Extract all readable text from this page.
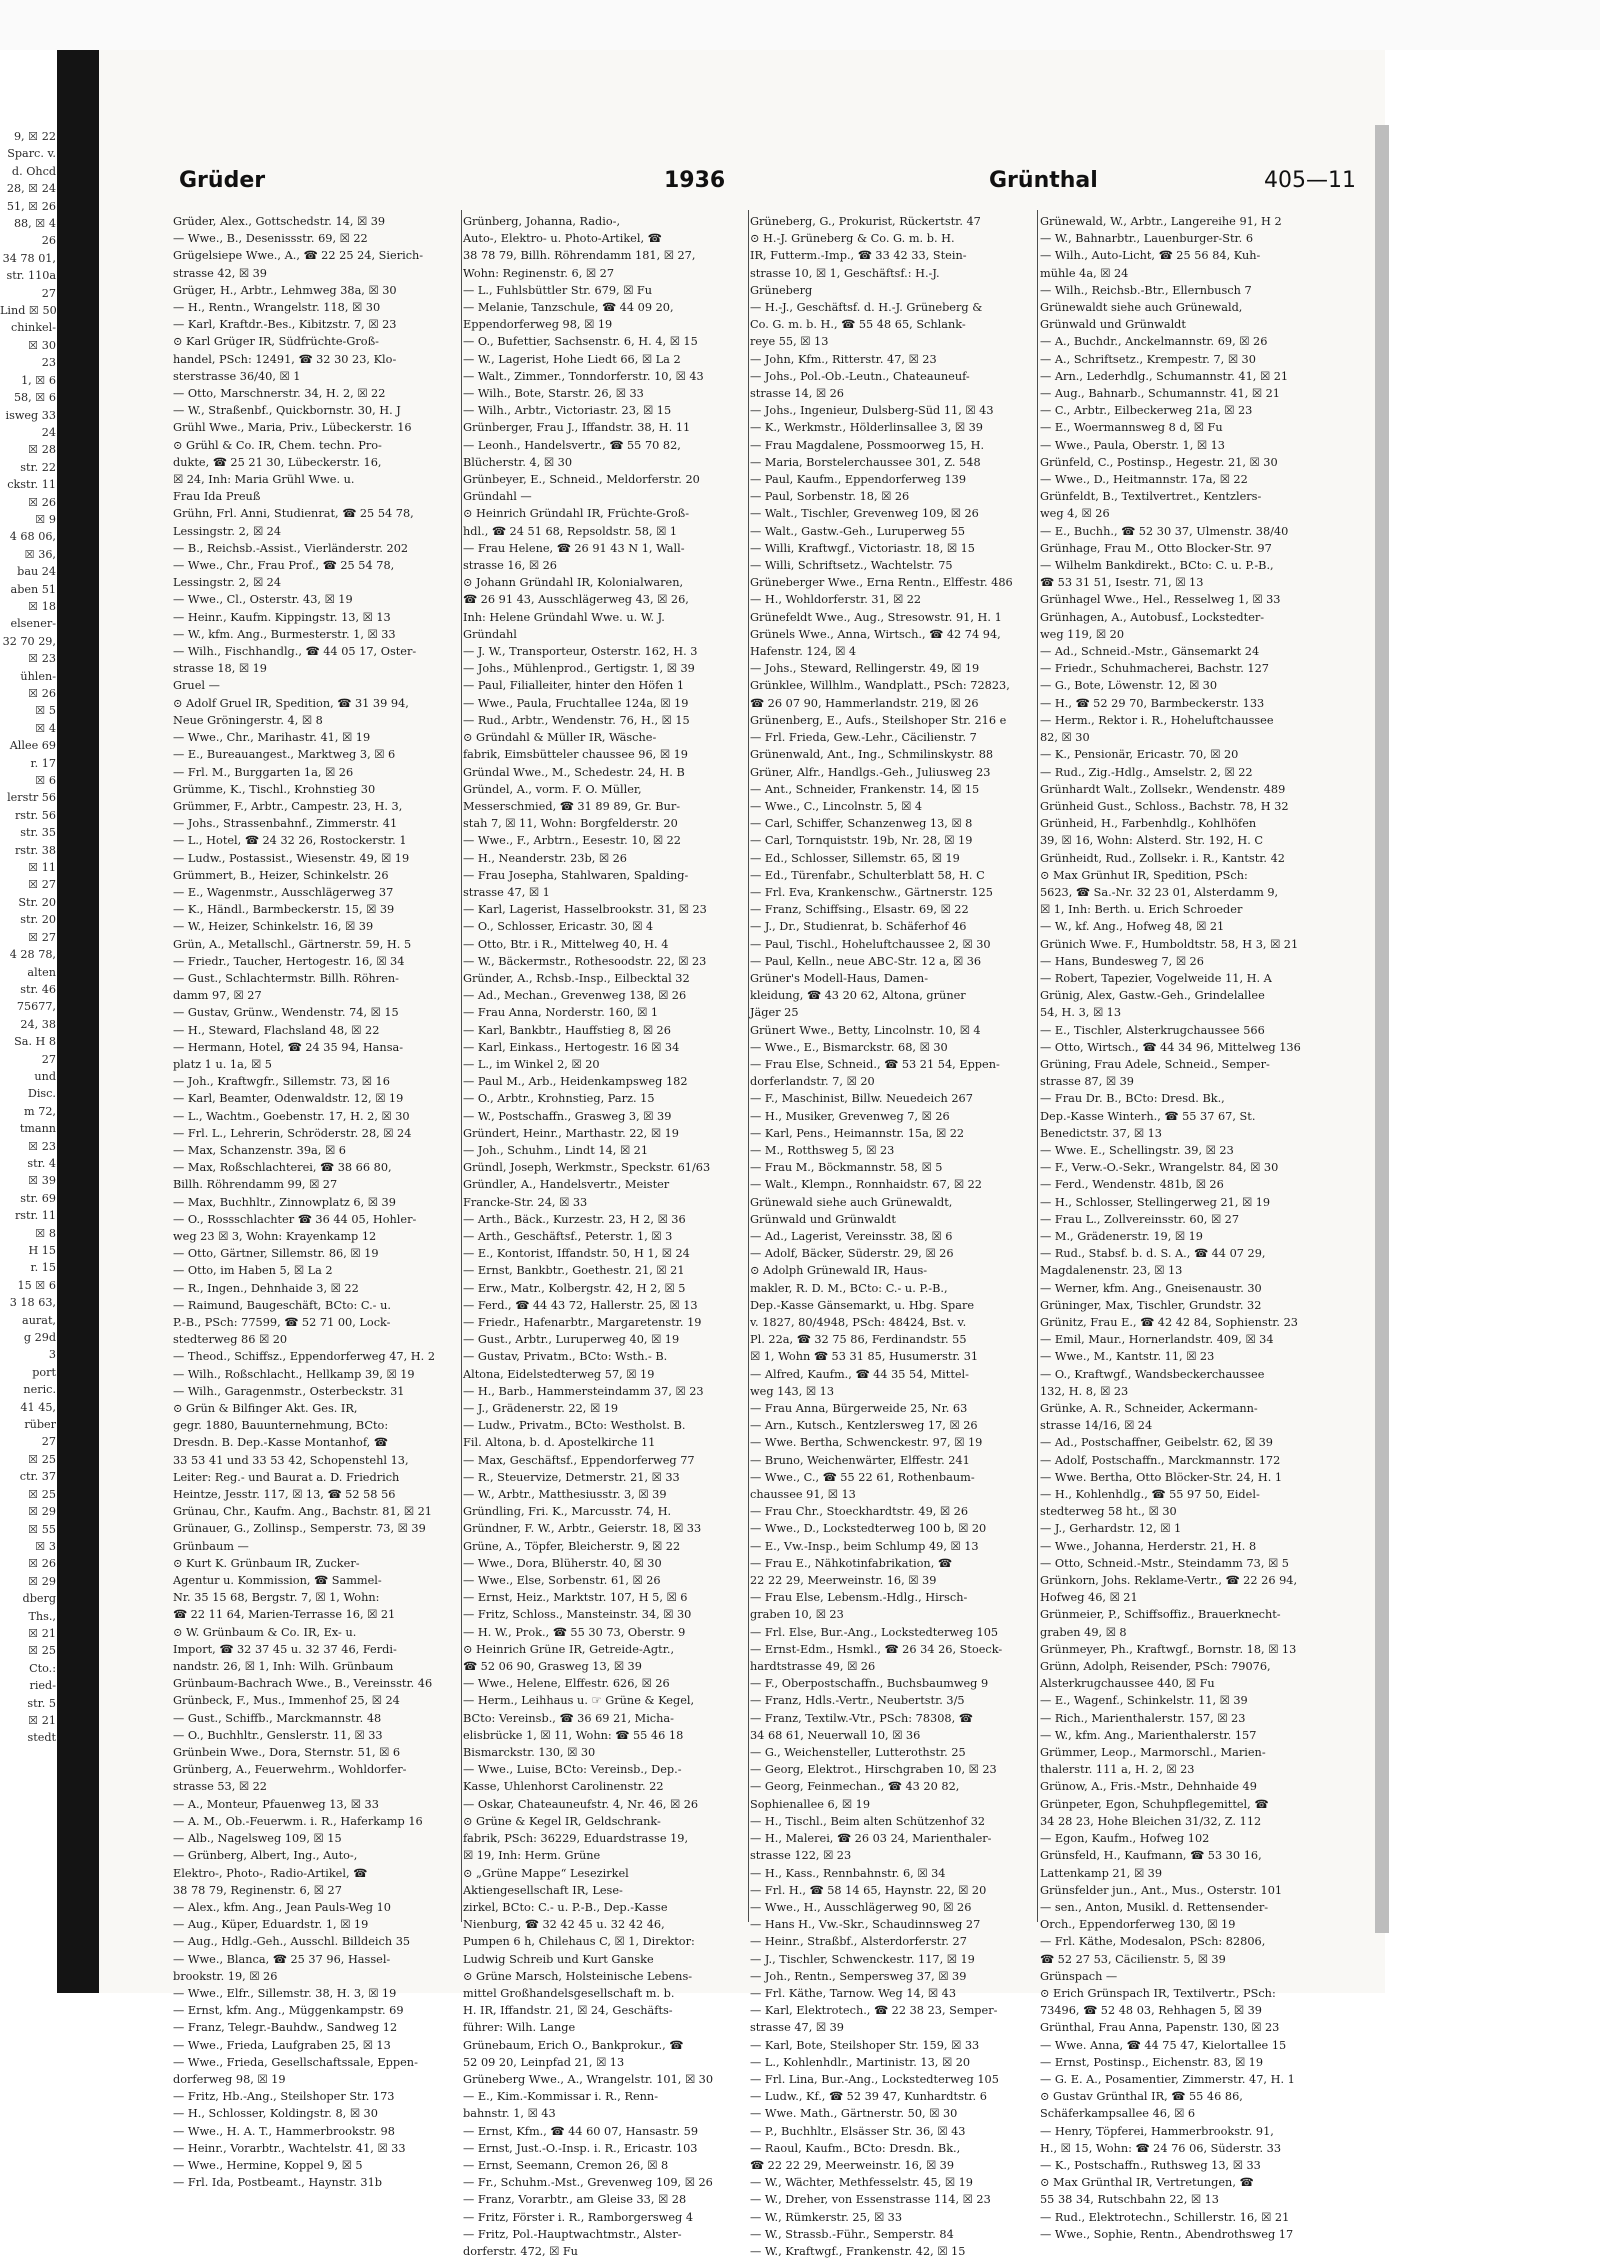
9, ☒ 22
Sparc. v.
d. Ohcd
28, ☒ 24
51, ☒ 26
88, ☒ 4
26
34 78 01,
str. 110a
27
Lind ☒ 50
chinkel-
☒ 30
23
1, ☒ 6
58, ☒ 6
isweg 33
24
☒ 28
str. 22
ckstr. 11
☒ 26
☒ 9
4 68 06,
☒ 36,
bau 24
aben 51
☒ 18
elsener-
32 70 29,
☒ 23
ühlen-
☒ 26
☒ 5
☒ 4
Allee 69
r. 17
☒ 6
lerstr 56
rstr. 56
str. 35
rstr. 38
☒ 11
☒ 27
Str. 20
str. 20
☒ 27
4 28 78,
alten
str. 46
75677,
24, 38
Sa. H 8
27
und
Disc.
m 72,
tmann
☒ 23
str. 4
☒ 39
str. 69
rstr. 11
☒ 8
H 15
r. 15
15 ☒ 6
3 18 63,
aurat,
g 29d
3
port
neric.
41 45,
rüber
27
☒ 25
ctr. 37
☒ 25
☒ 29
☒ 55
☒ 3
☒ 26
☒ 29
dberg
Ths.,
☒ 21
☒ 25
Cto.:
ried-
str. 5
☒ 21
stedt
Grüder	1936	Grünthal	405—11
Grüder, Alex., Gottschedstr. 14, ☒ 39
— Wwe., B., Desenissstr. 69, ☒ 22
Grügelsiepe Wwe., A., ☎ 22 25 24, Sierich-
strasse 42, ☒ 39
Grüger, H., Arbtr., Lehmweg 38a, ☒ 30
— H., Rentn., Wrangelstr. 118, ☒ 30
— Karl, Kraftdr.-Bes., Kibitzstr. 7, ☒ 23
⊙ Karl Grüger IR, Südfrüchte-Groß-
handel, PSch: 12491, ☎ 32 30 23, Klo-
sterstrasse 36/40, ☒ 1
— Otto, Marschnerstr. 34, H. 2, ☒ 22
— W., Straßenbf., Quickbornstr. 30, H. J
Grühl Wwe., Maria, Priv., Lübeckerstr. 16
⊙ Grühl & Co. IR, Chem. techn. Pro-
dukte, ☎ 25 21 30, Lübeckerstr. 16,
☒ 24, Inh: Maria Grühl Wwe. u.
Frau Ida Preuß
Grühn, Frl. Anni, Studienrat, ☎ 25 54 78,
Lessingstr. 2, ☒ 24
— B., Reichsb.-Assist., Vierländerstr. 202
— Wwe., Chr., Frau Prof., ☎ 25 54 78,
Lessingstr. 2, ☒ 24
— Wwe., Cl., Osterstr. 43, ☒ 19
— Heinr., Kaufm. Kippingstr. 13, ☒ 13
— W., kfm. Ang., Burmesterstr. 1, ☒ 33
— Wilh., Fischhandlg., ☎ 44 05 17, Oster-
strasse 18, ☒ 19
Gruel —
⊙ Adolf Gruel IR, Spedition, ☎ 31 39 94,
Neue Gröningerstr. 4, ☒ 8
— Wwe., Chr., Marihastr. 41, ☒ 19
— E., Bureauangest., Marktweg 3, ☒ 6
— Frl. M., Burggarten 1a, ☒ 26
Grümme, K., Tischl., Krohnstieg 30
Grümmer, F., Arbtr., Campestr. 23, H. 3,
— Johs., Strassenbahnf., Zimmerstr. 41
— L., Hotel, ☎ 24 32 26, Rostockerstr. 1
— Ludw., Postassist., Wiesenstr. 49, ☒ 19
Grümmert, B., Heizer, Schinkelstr. 26
— E., Wagenmstr., Ausschlägerweg 37
— K., Händl., Barmbeckerstr. 15, ☒ 39
— W., Heizer, Schinkelstr. 16, ☒ 39
Grün, A., Metallschl., Gärtnerstr. 59, H. 5
— Friedr., Taucher, Hertogestr. 16, ☒ 34
— Gust., Schlachtermstr. Billh. Röhren-
damm 97, ☒ 27
— Gustav, Grünw., Wendenstr. 74, ☒ 15
— H., Steward, Flachsland 48, ☒ 22
— Hermann, Hotel, ☎ 24 35 94, Hansa-
platz 1 u. 1a, ☒ 5
— Joh., Kraftwgfr., Sillemstr. 73, ☒ 16
— Karl, Beamter, Odenwaldstr. 12, ☒ 19
— L., Wachtm., Goebenstr. 17, H. 2, ☒ 30
— Frl. L., Lehrerin, Schröderstr. 28, ☒ 24
— Max, Schanzenstr. 39a, ☒ 6
— Max, Roßschlachterei, ☎ 38 66 80,
Billh. Röhrendamm 99, ☒ 27
— Max, Buchhltr., Zinnowplatz 6, ☒ 39
— O., Rossschlachter ☎ 36 44 05, Hohler-
weg 23 ☒ 3, Wohn: Krayenkamp 12
— Otto, Gärtner, Sillemstr. 86, ☒ 19
— Otto, im Haben 5, ☒ La 2
— R., Ingen., Dehnhaide 3, ☒ 22
— Raimund, Baugeschäft, BCto: C.- u.
P.-B., PSch: 77599, ☎ 52 71 00, Lock-
stedterweg 86 ☒ 20
— Theod., Schiffsz., Eppendorferweg 47, H. 2
— Wilh., Roßschlacht., Hellkamp 39, ☒ 19
— Wilh., Garagenmstr., Osterbeckstr. 31
⊙ Grün & Bilfinger Akt. Ges. IR,
gegr. 1880, Bauunternehmung, BCto:
Dresdn. B. Dep.-Kasse Montanhof, ☎
33 53 41 und 33 53 42, Schopenstehl 13,
Leiter: Reg.- und Baurat a. D. Friedrich
Heintze, Jesstr. 117, ☒ 13, ☎ 52 58 56
Grünau, Chr., Kaufm. Ang., Bachstr. 81, ☒ 21
Grünauer, G., Zollinsp., Semperstr. 73, ☒ 39
Grünbaum —
⊙ Kurt K. Grünbaum IR, Zucker-
Agentur u. Kommission, ☎ Sammel-
Nr. 35 15 68, Bergstr. 7, ☒ 1, Wohn:
☎ 22 11 64, Marien-Terrasse 16, ☒ 21
⊙ W. Grünbaum & Co. IR, Ex- u.
Import, ☎ 32 37 45 u. 32 37 46, Ferdi-
nandstr. 26, ☒ 1, Inh: Wilh. Grünbaum
Grünbaum-Bachrach Wwe., B., Vereinsstr. 46
Grünbeck, F., Mus., Immenhof 25, ☒ 24
— Gust., Schiffb., Marckmannstr. 48
— O., Buchhltr., Genslerstr. 11, ☒ 33
Grünbein Wwe., Dora, Sternstr. 51, ☒ 6
Grünberg, A., Feuerwehrm., Wohldorfer-
strasse 53, ☒ 22
— A., Monteur, Pfauenweg 13, ☒ 33
— A. M., Ob.-Feuerwm. i. R., Haferkamp 16
— Alb., Nagelsweg 109, ☒ 15
— Grünberg, Albert, Ing., Auto-,
Elektro-, Photo-, Radio-Artikel, ☎
38 78 79, Reginenstr. 6, ☒ 27
— Alex., kfm. Ang., Jean Pauls-Weg 10
— Aug., Küper, Eduardstr. 1, ☒ 19
— Aug., Hdlg.-Geh., Ausschl. Billdeich 35
— Wwe., Blanca, ☎ 25 37 96, Hassel-
brookstr. 19, ☒ 26
— Wwe., Elfr., Sillemstr. 38, H. 3, ☒ 19
— Ernst, kfm. Ang., Müggenkampstr. 69
— Franz, Telegr.-Bauhdw., Sandweg 12
— Wwe., Frieda, Laufgraben 25, ☒ 13
— Wwe., Frieda, Gesellschaftssale, Eppen-
dorferweg 98, ☒ 19
— Fritz, Hb.-Ang., Steilshoper Str. 173
— H., Schlosser, Koldingstr. 8, ☒ 30
— Wwe., H. A. T., Hammerbrookstr. 98
— Heinr., Vorarbtr., Wachtelstr. 41, ☒ 33
— Wwe., Hermine, Koppel 9, ☒ 5
— Frl. Ida, Postbeamt., Haynstr. 31b
Grünberg, Johanna, Radio-,
Auto-, Elektro- u. Photo-Artikel, ☎
38 78 79, Billh. Röhrendamm 181, ☒ 27,
Wohn: Reginenstr. 6, ☒ 27
— L., Fuhlsbüttler Str. 679, ☒ Fu
— Melanie, Tanzschule, ☎ 44 09 20,
Eppendorferweg 98, ☒ 19
— O., Bufettier, Sachsenstr. 6, H. 4, ☒ 15
— W., Lagerist, Hohe Liedt 66, ☒ La 2
— Walt., Zimmer., Tonndorferstr. 10, ☒ 43
— Wilh., Bote, Starstr. 26, ☒ 33
— Wilh., Arbtr., Victoriastr. 23, ☒ 15
Grünberger, Frau J., Iffandstr. 38, H. 11
— Leonh., Handelsvertr., ☎ 55 70 82,
Blücherstr. 4, ☒ 30
Grünbeyer, E., Schneid., Meldorferstr. 20
Gründahl —
⊙ Heinrich Gründahl IR, Früchte-Groß-
hdl., ☎ 24 51 68, Repsoldstr. 58, ☒ 1
— Frau Helene, ☎ 26 91 43 N 1, Wall-
strasse 16, ☒ 26
⊙ Johann Gründahl IR, Kolonialwaren,
☎ 26 91 43, Ausschlägerweg 43, ☒ 26,
Inh: Helene Gründahl Wwe. u. W. J.
Gründahl
— J. W., Transporteur, Osterstr. 162, H. 3
— Johs., Mühlenprod., Gertigstr. 1, ☒ 39
— Paul, Filialleiter, hinter den Höfen 1
— Wwe., Paula, Fruchtallee 124a, ☒ 19
— Rud., Arbtr., Wendenstr. 76, H., ☒ 15
⊙ Gründahl & Müller IR, Wäsche-
fabrik, Eimsbütteler chaussee 96, ☒ 19
Gründal Wwe., M., Schedestr. 24, H. B
Gründel, A., vorm. F. O. Müller,
Messerschmied, ☎ 31 89 89, Gr. Bur-
stah 7, ☒ 11, Wohn: Borgfelderstr. 20
— Wwe., F., Arbtrn., Eesestr. 10, ☒ 22
— H., Neanderstr. 23b, ☒ 26
— Frau Josepha, Stahlwaren, Spalding-
strasse 47, ☒ 1
— Karl, Lagerist, Hasselbrookstr. 31, ☒ 23
— O., Schlosser, Ericastr. 30, ☒ 4
— Otto, Btr. i R., Mittelweg 40, H. 4
— W., Bäckermstr., Rothesoodstr. 22, ☒ 23
Gründer, A., Rchsb.-Insp., Eilbecktal 32
— Ad., Mechan., Grevenweg 138, ☒ 26
— Frau Anna, Norderstr. 160, ☒ 1
— Karl, Bankbtr., Hauffstieg 8, ☒ 26
— Karl, Einkass., Hertogestr. 16 ☒ 34
— L., im Winkel 2, ☒ 20
— Paul M., Arb., Heidenkampsweg 182
— O., Arbtr., Krohnstieg, Parz. 15
— W., Postschaffn., Grasweg 3, ☒ 39
Gründert, Heinr., Marthastr. 22, ☒ 19
— Joh., Schuhm., Lindt 14, ☒ 21
Gründl, Joseph, Werkmstr., Speckstr. 61/63
Gründler, A., Handelsvertr., Meister
Francke-Str. 24, ☒ 33
— Arth., Bäck., Kurzestr. 23, H 2, ☒ 36
— Arth., Geschäftsf., Peterstr. 1, ☒ 3
— E., Kontorist, Iffandstr. 50, H 1, ☒ 24
— Ernst, Bankbtr., Goethestr. 21, ☒ 21
— Erw., Matr., Kolbergstr. 42, H 2, ☒ 5
— Ferd., ☎ 44 43 72, Hallerstr. 25, ☒ 13
— Friedr., Hafenarbtr., Margaretenstr. 19
— Gust., Arbtr., Luruperweg 40, ☒ 19
— Gustav, Privatm., BCto: Wsth.- B.
Altona, Eidelstedterweg 57, ☒ 19
— H., Barb., Hammersteindamm 37, ☒ 23
— J., Grädenerstr. 22, ☒ 19
— Ludw., Privatm., BCto: Westholst. B.
Fil. Altona, b. d. Apostelkirche 11
— Max, Geschäftsf., Eppendorferweg 77
— R., Steuervize, Detmerstr. 21, ☒ 33
— W., Arbtr., Matthesiusstr. 3, ☒ 39
Gründling, Fri. K., Marcusstr. 74, H.
Gründner, F. W., Arbtr., Geierstr. 18, ☒ 33
Grüne, A., Töpfer, Bleicherstr. 9, ☒ 22
— Wwe., Dora, Blüherstr. 40, ☒ 30
— Wwe., Else, Sorbenstr. 61, ☒ 26
— Ernst, Heiz., Marktstr. 107, H 5, ☒ 6
— Fritz, Schloss., Mansteinstr. 34, ☒ 30
— H. W., Prok., ☎ 55 30 73, Oberstr. 9
⊙ Heinrich Grüne IR, Getreide-Agtr.,
☎ 52 06 90, Grasweg 13, ☒ 39
— Wwe., Helene, Elffestr. 626, ☒ 26
— Herm., Leihhaus u. ☞ Grüne & Kegel,
BCto: Vereinsb., ☎ 36 69 21, Micha-
elisbrücke 1, ☒ 11, Wohn: ☎ 55 46 18
Bismarckstr. 130, ☒ 30
— Wwe., Luise, BCto: Vereinsb., Dep.-
Kasse, Uhlenhorst Carolinenstr. 22
— Oskar, Chateauneufstr. 4, Nr. 46, ☒ 26
⊙ Grüne & Kegel IR, Geldschrank-
fabrik, PSch: 36229, Eduardstrasse 19,
☒ 19, Inh: Herm. Grüne
⊙ „Grüne Mappe“ Lesezirkel
Aktiengesellschaft IR, Lese-
zirkel, BCto: C.- u. P.-B., Dep.-Kasse
Nienburg, ☎ 32 42 45 u. 32 42 46,
Pumpen 6 h, Chilehaus C, ☒ 1, Direktor:
Ludwig Schreib und Kurt Ganske
⊙ Grüne Marsch, Holsteinische Lebens-
mittel Großhandelsgesellschaft m. b.
H. IR, Iffandstr. 21, ☒ 24, Geschäfts-
führer: Wilh. Lange
Grünebaum, Erich O., Bankprokur., ☎
52 09 20, Leinpfad 21, ☒ 13
Grüneberg Wwe., A., Wrangelstr. 101, ☒ 30
— E., Kim.-Kommissar i. R., Renn-
bahnstr. 1, ☒ 43
— Ernst, Kfm., ☎ 44 60 07, Hansastr. 59
— Ernst, Just.-O.-Insp. i. R., Ericastr. 103
— Ernst, Seemann, Cremon 26, ☒ 8
— Fr., Schuhm.-Mst., Grevenweg 109, ☒ 26
— Franz, Vorarbtr., am Gleise 33, ☒ 28
— Fritz, Förster i. R., Ramborgersweg 4
— Fritz, Pol.-Hauptwachtmstr., Alster-
dorferstr. 472, ☒ Fu
Grüneberg, G., Prokurist, Rückertstr. 47
⊙ H.-J. Grüneberg & Co. G. m. b. H.
IR, Futterm.-Imp., ☎ 33 42 33, Stein-
strasse 10, ☒ 1, Geschäftsf.: H.-J.
Grüneberg
— H.-J., Geschäftsf. d. H.-J. Grüneberg &
Co. G. m. b. H., ☎ 55 48 65, Schlank-
reye 55, ☒ 13
— John, Kfm., Ritterstr. 47, ☒ 23
— Johs., Pol.-Ob.-Leutn., Chateauneuf-
strasse 14, ☒ 26
— Johs., Ingenieur, Dulsberg-Süd 11, ☒ 43
— K., Werkmstr., Hölderlinsallee 3, ☒ 39
— Frau Magdalene, Possmoorweg 15, H.
— Maria, Borstelerchaussee 301, Z. 548
— Paul, Kaufm., Eppendorferweg 139
— Paul, Sorbenstr. 18, ☒ 26
— Walt., Tischler, Grevenweg 109, ☒ 26
— Walt., Gastw.-Geh., Luruperweg 55
— Willi, Kraftwgf., Victoriastr. 18, ☒ 15
— Willi, Schriftsetz., Wachtelstr. 75
Grüneberger Wwe., Erna Rentn., Elffestr. 486
— H., Wohldorferstr. 31, ☒ 22
Grünefeldt Wwe., Aug., Stresowstr. 91, H. 1
Grünels Wwe., Anna, Wirtsch., ☎ 42 74 94,
Hafenstr. 124, ☒ 4
— Johs., Steward, Rellingerstr. 49, ☒ 19
Grünklee, Willhlm., Wandplatt., PSch: 72823,
☎ 26 07 90, Hammerlandstr. 219, ☒ 26
Grünenberg, E., Aufs., Steilshoper Str. 216 e
— Frl. Frieda, Gew.-Lehr., Cäcilienstr. 7
Grünenwald, Ant., Ing., Schmilinskystr. 88
Grüner, Alfr., Handlgs.-Geh., Juliusweg 23
— Ant., Schneider, Frankenstr. 14, ☒ 15
— Wwe., C., Lincolnstr. 5, ☒ 4
— Carl, Schiffer, Schanzenweg 13, ☒ 8
— Carl, Tornquiststr. 19b, Nr. 28, ☒ 19
— Ed., Schlosser, Sillemstr. 65, ☒ 19
— Ed., Türenfabr., Schulterblatt 58, H. C
— Frl. Eva, Krankenschw., Gärtnerstr. 125
— Franz, Schiffsing., Elsastr. 69, ☒ 22
— J., Dr., Studienrat, b. Schäferhof 46
— Paul, Tischl., Hoheluftchaussee 2, ☒ 30
— Paul, Kelln., neue ABC-Str. 12 a, ☒ 36
Grüner's Modell-Haus, Damen-
kleidung, ☎ 43 20 62, Altona, grüner
Jäger 25
Grünert Wwe., Betty, Lincolnstr. 10, ☒ 4
— Wwe., E., Bismarckstr. 68, ☒ 30
— Frau Else, Schneid., ☎ 53 21 54, Eppen-
dorferlandstr. 7, ☒ 20
— F., Maschinist, Billw. Neuedeich 267
— H., Musiker, Grevenweg 7, ☒ 26
— Karl, Pens., Heimannstr. 15a, ☒ 22
— M., Rotthsweg 5, ☒ 23
— Frau M., Böckmannstr. 58, ☒ 5
— Walt., Klempn., Ronnhaidstr. 67, ☒ 22
Grünewald siehe auch Grünewaldt,
Grünwald und Grünwaldt
— Ad., Lagerist, Vereinsstr. 38, ☒ 6
— Adolf, Bäcker, Süderstr. 29, ☒ 26
⊙ Adolph Grünewald IR, Haus-
makler, R. D. M., BCto: C.- u. P.-B.,
Dep.-Kasse Gänsemarkt, u. Hbg. Spare
v. 1827, 80/4948, PSch: 48424, Bst. v.
Pl. 22a, ☎ 32 75 86, Ferdinandstr. 55
☒ 1, Wohn ☎ 53 31 85, Husumerstr. 31
— Alfred, Kaufm., ☎ 44 35 54, Mittel-
weg 143, ☒ 13
— Frau Anna, Bürgerweide 25, Nr. 63
— Arn., Kutsch., Kentzlersweg 17, ☒ 26
— Wwe. Bertha, Schwenckestr. 97, ☒ 19
— Bruno, Weichenwärter, Elffestr. 241
— Wwe., C., ☎ 55 22 61, Rothenbaum-
chaussee 91, ☒ 13
— Frau Chr., Stoeckhardtstr. 49, ☒ 26
— Wwe., D., Lockstedterweg 100 b, ☒ 20
— E., Vw.-Insp., beim Schlump 49, ☒ 13
— Frau E., Nähkotinfabrikation, ☎
22 22 29, Meerweinstr. 16, ☒ 39
— Frau Else, Lebensm.-Hdlg., Hirsch-
graben 10, ☒ 23
— Frl. Else, Bur.-Ang., Lockstedterweg 105
— Ernst-Edm., Hsmkl., ☎ 26 34 26, Stoeck-
hardtstrasse 49, ☒ 26
— F., Oberpostschaffn., Buchsbaumweg 9
— Franz, Hdls.-Vertr., Neubertstr. 3/5
— Franz, Textilw.-Vtr., PSch: 78308, ☎
34 68 61, Neuerwall 10, ☒ 36
— G., Weichensteller, Lutterothstr. 25
— Georg, Elektrot., Hirschgraben 10, ☒ 23
— Georg, Feinmechan., ☎ 43 20 82,
Sophienallee 6, ☒ 19
— H., Tischl., Beim alten Schützenhof 32
— H., Malerei, ☎ 26 03 24, Marienthaler-
strasse 122, ☒ 23
— H., Kass., Rennbahnstr. 6, ☒ 34
— Frl. H., ☎ 58 14 65, Haynstr. 22, ☒ 20
— Wwe., H., Ausschlägerweg 90, ☒ 26
— Hans H., Vw.-Skr., Schaudinnsweg 27
— Heinr., Straßbf., Alsterdorferstr. 27
— J., Tischler, Schwenckestr. 117, ☒ 19
— Joh., Rentn., Sempersweg 37, ☒ 39
— Frl. Käthe, Tarnow. Weg 14, ☒ 43
— Karl, Elektrotech., ☎ 22 38 23, Semper-
strasse 47, ☒ 39
— Karl, Bote, Steilshoper Str. 159, ☒ 33
— L., Kohlenhdlr., Martinistr. 13, ☒ 20
— Frl. Lina, Bur.-Ang., Lockstedterweg 105
— Ludw., Kf., ☎ 52 39 47, Kunhardtstr. 6
— Wwe. Math., Gärtnerstr. 50, ☒ 30
— P., Buchhltr., Elsässer Str. 36, ☒ 43
— Raoul, Kaufm., BCto: Dresdn. Bk.,
☎ 22 22 29, Meerweinstr. 16, ☒ 39
— W., Wächter, Methfesselstr. 45, ☒ 19
— W., Dreher, von Essenstrasse 114, ☒ 23
— W., Rümkerstr. 25, ☒ 33
— W., Strassb.-Führ., Semperstr. 84
— W., Kraftwgf., Frankenstr. 42, ☒ 15
Grünewald, W., Arbtr., Langereihe 91, H 2
— W., Bahnarbtr., Lauenburger-Str. 6
— Wilh., Auto-Licht, ☎ 25 56 84, Kuh-
mühle 4a, ☒ 24
— Wilh., Reichsb.-Btr., Ellernbusch 7
Grünewaldt siehe auch Grünewald,
Grünwald und Grünwaldt
— A., Buchdr., Anckelmannstr. 69, ☒ 26
— A., Schriftsetz., Krempestr. 7, ☒ 30
— Arn., Lederhdlg., Schumannstr. 41, ☒ 21
— Aug., Bahnarb., Schumannstr. 41, ☒ 21
— C., Arbtr., Eilbeckerweg 21a, ☒ 23
— E., Woermannsweg 8 d, ☒ Fu
— Wwe., Paula, Oberstr. 1, ☒ 13
Grünfeld, C., Postinsp., Hegestr. 21, ☒ 30
— Wwe., D., Heitmannstr. 17a, ☒ 22
Grünfeldt, B., Textilvertret., Kentzlers-
weg 4, ☒ 26
— E., Buchh., ☎ 52 30 37, Ulmenstr. 38/40
Grünhage, Frau M., Otto Blocker-Str. 97
— Wilhelm Bankdirekt., BCto: C. u. P.-B.,
☎ 53 31 51, Isestr. 71, ☒ 13
Grünhagel Wwe., Hel., Resselweg 1, ☒ 33
Grünhagen, A., Autobusf., Lockstedter-
weg 119, ☒ 20
— Ad., Schneid.-Mstr., Gänsemarkt 24
— Friedr., Schuhmacherei, Bachstr. 127
— G., Bote, Löwenstr. 12, ☒ 30
— H., ☎ 52 29 70, Barmbeckerstr. 133
— Herm., Rektor i. R., Hoheluftchaussee
82, ☒ 30
— K., Pensionär, Ericastr. 70, ☒ 20
— Rud., Zig.-Hdlg., Amselstr. 2, ☒ 22
Grünhardt Walt., Zollsekr., Wendenstr. 489
Grünheid Gust., Schloss., Bachstr. 78, H 32
Grünheid, H., Farbenhdlg., Kohlhöfen
39, ☒ 16, Wohn: Alsterd. Str. 192, H. C
Grünheidt, Rud., Zollsekr. i. R., Kantstr. 42
⊙ Max Grünhut IR, Spedition, PSch:
5623, ☎ Sa.-Nr. 32 23 01, Alsterdamm 9,
☒ 1, Inh: Berth. u. Erich Schroeder
— W., kf. Ang., Hofweg 48, ☒ 21
Grünich Wwe. F., Humboldtstr. 58, H 3, ☒ 21
— Hans, Bundesweg 7, ☒ 26
— Robert, Tapezier, Vogelweide 11, H. A
Grünig, Alex, Gastw.-Geh., Grindelallee
54, H. 3, ☒ 13
— E., Tischler, Alsterkrugchaussee 566
— Otto, Wirtsch., ☎ 44 34 96, Mittelweg 136
Grüning, Frau Adele, Schneid., Semper-
strasse 87, ☒ 39
— Frau Dr. B., BCto: Dresd. Bk.,
Dep.-Kasse Winterh., ☎ 55 37 67, St.
Benedictstr. 37, ☒ 13
— Wwe. E., Schellingstr. 39, ☒ 23
— F., Verw.-O.-Sekr., Wrangelstr. 84, ☒ 30
— Ferd., Wendenstr. 481b, ☒ 26
— H., Schlosser, Stellingerweg 21, ☒ 19
— Frau L., Zollvereinsstr. 60, ☒ 27
— M., Grädenerstr. 19, ☒ 19
— Rud., Stabsf. b. d. S. A., ☎ 44 07 29,
Magdalenenstr. 23, ☒ 13
— Werner, kfm. Ang., Gneisenaustr. 30
Grüninger, Max, Tischler, Grundstr. 32
Grünitz, Frau E., ☎ 42 42 84, Sophienstr. 23
— Emil, Maur., Hornerlandstr. 409, ☒ 34
— Wwe., M., Kantstr. 11, ☒ 23
— O., Kraftwgf., Wandsbeckerchaussee
132, H. 8, ☒ 23
Grünke, A. R., Schneider, Ackermann-
strasse 14/16, ☒ 24
— Ad., Postschaffner, Geibelstr. 62, ☒ 39
— Adolf, Postschaffn., Marckmannstr. 172
— Wwe. Bertha, Otto Blöcker-Str. 24, H. 1
— H., Kohlenhdlg., ☎ 55 97 50, Eidel-
stedterweg 58 ht., ☒ 30
— J., Gerhardstr. 12, ☒ 1
— Wwe., Johanna, Herderstr. 21, H. 8
— Otto, Schneid.-Mstr., Steindamm 73, ☒ 5
Grünkorn, Johs. Reklame-Vertr., ☎ 22 26 94,
Hofweg 46, ☒ 21
Grünmeier, P., Schiffsoffiz., Brauerknecht-
graben 49, ☒ 8
Grünmeyer, Ph., Kraftwgf., Bornstr. 18, ☒ 13
Grünn, Adolph, Reisender, PSch: 79076,
Alsterkrugchaussee 440, ☒ Fu
— E., Wagenf., Schinkelstr. 11, ☒ 39
— Rich., Marienthalerstr. 157, ☒ 23
— W., kfm. Ang., Marienthalerstr. 157
Grümmer, Leop., Marmorschl., Marien-
thalerstr. 111 a, H. 2, ☒ 23
Grünow, A., Fris.-Mstr., Dehnhaide 49
Grünpeter, Egon, Schuhpflegemittel, ☎
34 28 23, Hohe Bleichen 31/32, Z. 112
— Egon, Kaufm., Hofweg 102
Grünsfeld, H., Kaufmann, ☎ 53 30 16,
Lattenkamp 21, ☒ 39
Grünsfelder jun., Ant., Mus., Osterstr. 101
— sen., Anton, Musikl. d. Rettensender-
Orch., Eppendorferweg 130, ☒ 19
— Frl. Käthe, Modesalon, PSch: 82806,
☎ 52 27 53, Cäcilienstr. 5, ☒ 39
Grünspach —
⊙ Erich Grünspach IR, Textilvertr., PSch:
73496, ☎ 52 48 03, Rehhagen 5, ☒ 39
Grünthal, Frau Anna, Papenstr. 130, ☒ 23
— Wwe. Anna, ☎ 44 75 47, Kielortallee 15
— Ernst, Postinsp., Eichenstr. 83, ☒ 19
— G. E. A., Posamentier, Zimmerstr. 47, H. 1
⊙ Gustav Grünthal IR, ☎ 55 46 86,
Schäferkampsallee 46, ☒ 6
— Henry, Töpferei, Hammerbrookstr. 91,
H., ☒ 15, Wohn: ☎ 24 76 06, Süderstr. 33
— K., Postschaffn., Ruthsweg 13, ☒ 33
⊙ Max Grünthal IR, Vertretungen, ☎
55 38 34, Rutschbahn 22, ☒ 13
— Rud., Elektrotechn., Schillerstr. 16, ☒ 21
— Wwe., Sophie, Rentn., Abendrothsweg 17
